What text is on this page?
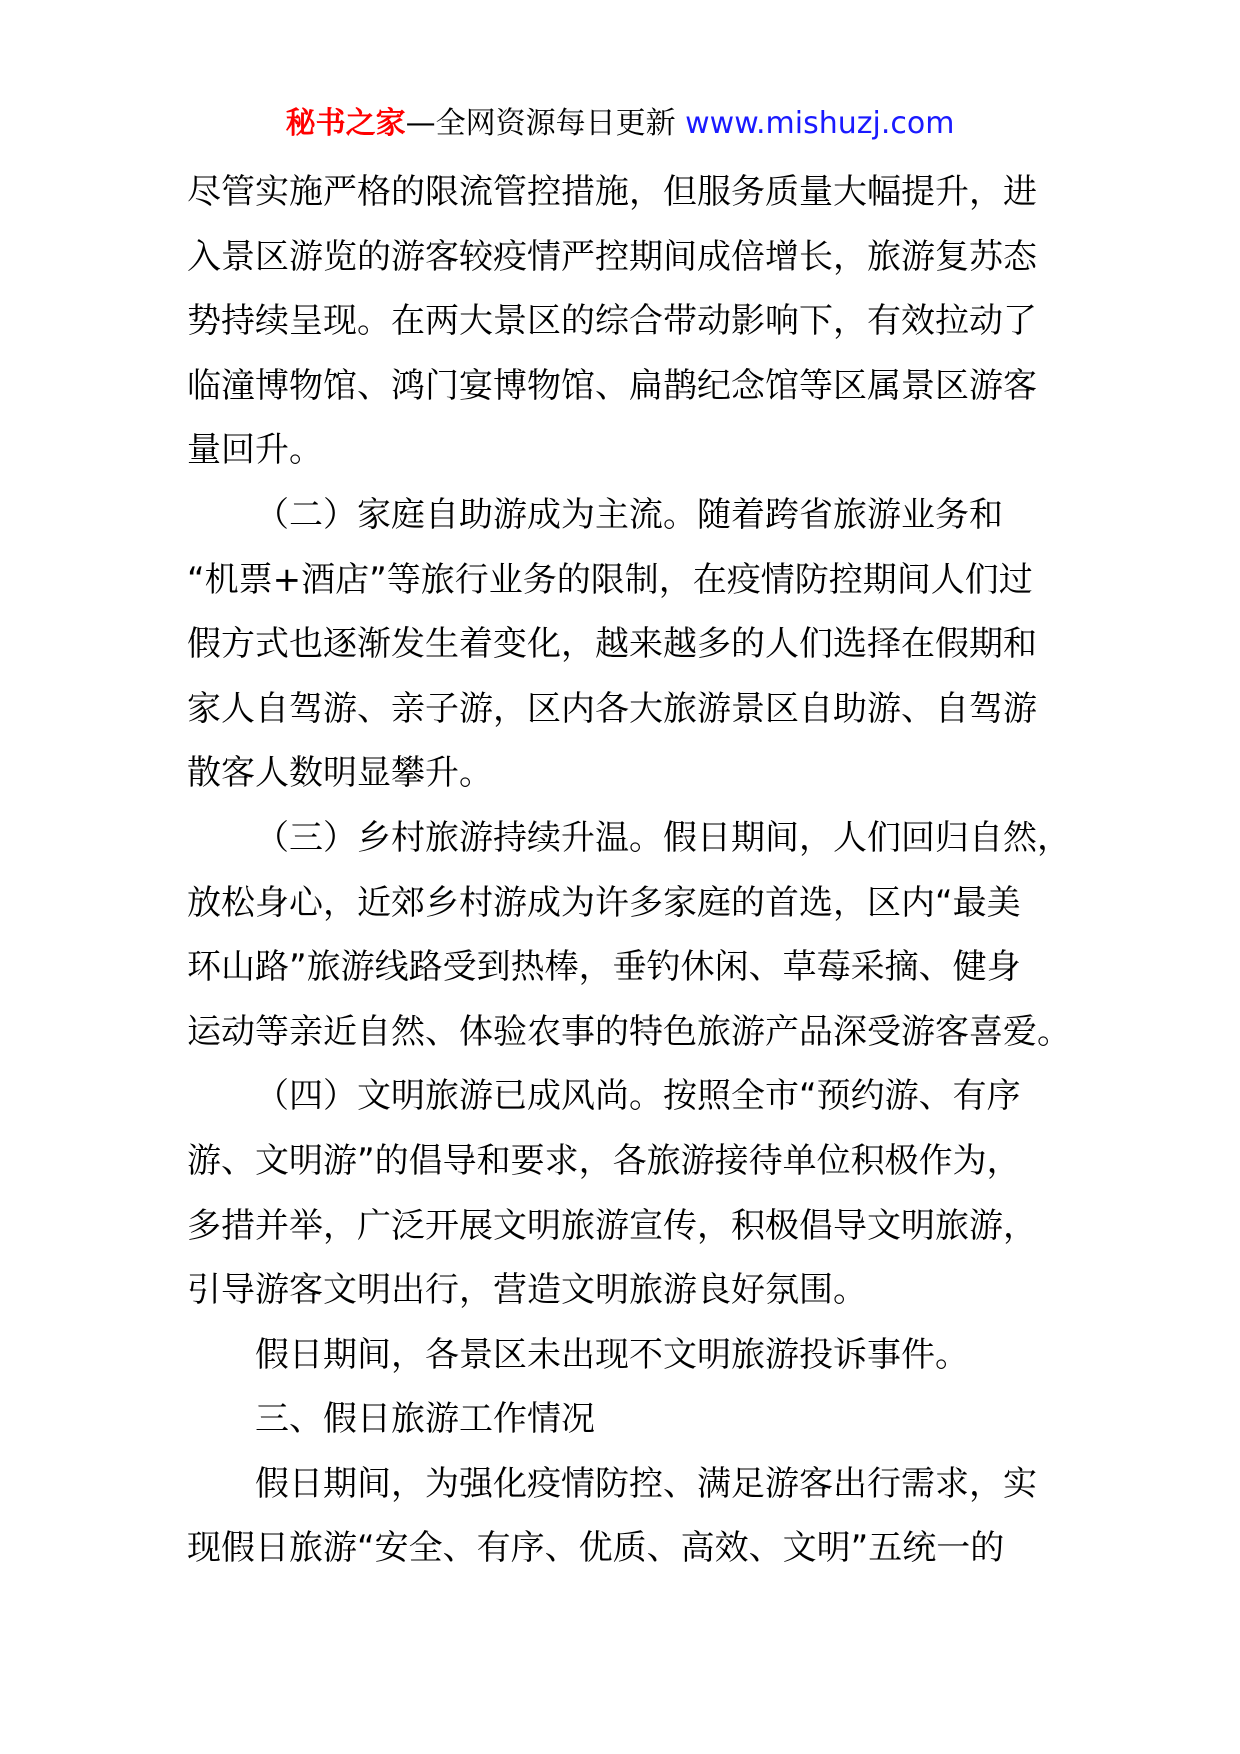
秘书之家—全网资源每日更新 www.mishuzj.com

尽管实施严格的限流管控措施，但服务质量大幅提升，进
入景区游览的游客较疫情严控期间成倍增长，旅游复苏态
势持续呈现。在两大景区的综合带动影响下，有效拉动了
临潼博物馆、鸿门宴博物馆、扁鹊纪念馆等区属景区游客
量回升。

（二）家庭自助游成为主流。随着跨省旅游业务和
“机票+酒店”等旅行业务的限制，在疫情防控期间人们过
假方式也逐渐发生着变化，越来越多的人们选择在假期和
家人自驾游、亲子游，区内各大旅游景区自助游、自驾游
散客人数明显攀升。

（三）乡村旅游持续升温。假日期间，人们回归自然，
放松身心，近郊乡村游成为许多家庭的首选，区内“最美
环山路”旅游线路受到热棒，垂钓休闲、草莓采摘、健身
运动等亲近自然、体验农事的特色旅游产品深受游客喜爱。

（四）文明旅游已成风尚。按照全市“预约游、有序
游、文明游”的倡导和要求，各旅游接待单位积极作为，
多措并举，广泛开展文明旅游宣传，积极倡导文明旅游，
引导游客文明出行，营造文明旅游良好氛围。

假日期间，各景区未出现不文明旅游投诉事件。

三、假日旅游工作情况

假日期间，为强化疫情防控、满足游客出行需求，实
现假日旅游“安全、有序、优质、高效、文明”五统一的
